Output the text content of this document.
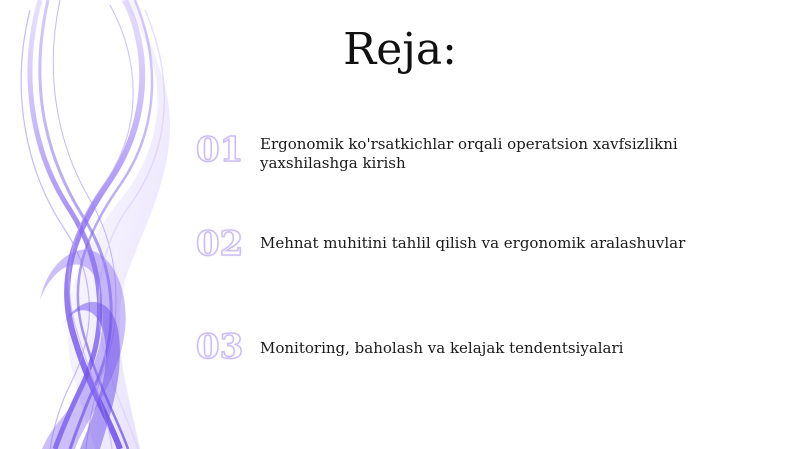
Reja:
01	Ergonomik ko'rsatkichlar orqali operatsion xavfsizlikni yaxshilashga kirish
02	Mehnat muhitini tahlil qilish va ergonomik aralashuvlar
03	Monitoring, baholash va kelajak tendentsiyalari
